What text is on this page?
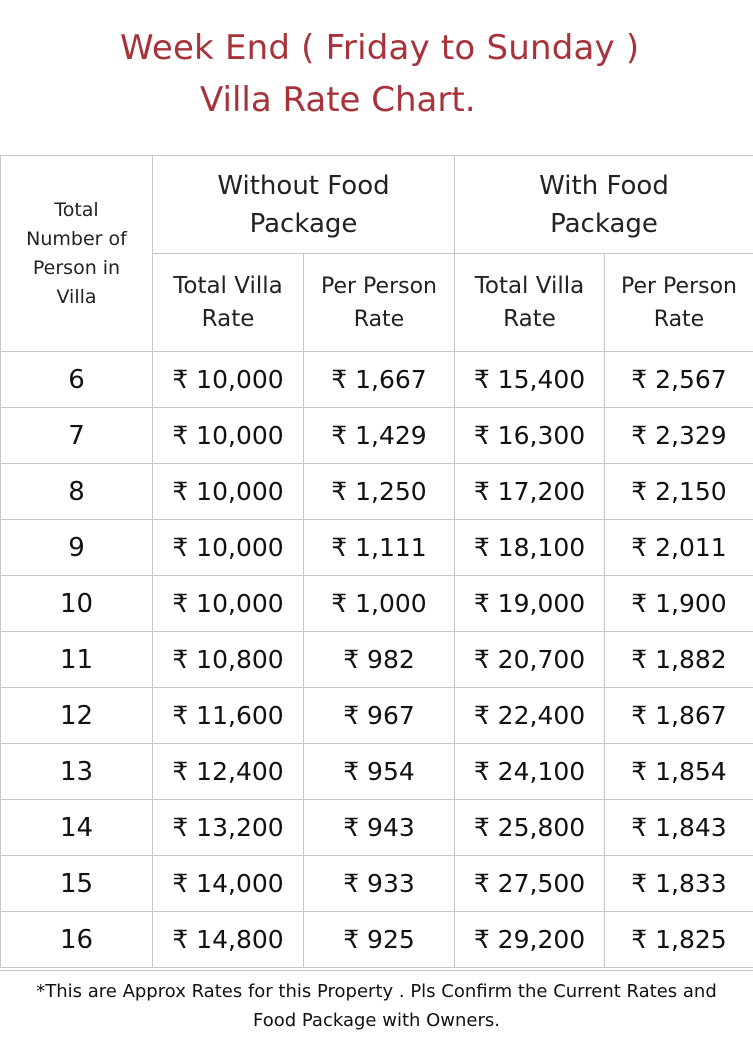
Week End ( Friday to Sunday )
Villa Rate Chart.
Total Number of Person in Villa	Without Food Package		With Food Package	
	Total Villa Rate	Per Person Rate	Total Villa Rate	Per Person Rate
6	₹ 10,000	₹ 1,667	₹ 15,400	₹ 2,567
7	₹ 10,000	₹ 1,429	₹ 16,300	₹ 2,329
8	₹ 10,000	₹ 1,250	₹ 17,200	₹ 2,150
9	₹ 10,000	₹ 1,111	₹ 18,100	₹ 2,011
10	₹ 10,000	₹ 1,000	₹ 19,000	₹ 1,900
11	₹ 10,800	₹ 982	₹ 20,700	₹ 1,882
12	₹ 11,600	₹ 967	₹ 22,400	₹ 1,867
13	₹ 12,400	₹ 954	₹ 24,100	₹ 1,854
14	₹ 13,200	₹ 943	₹ 25,800	₹ 1,843
15	₹ 14,000	₹ 933	₹ 27,500	₹ 1,833
16	₹ 14,800	₹ 925	₹ 29,200	₹ 1,825
*This are Approx Rates for this Property . Pls Confirm the Current Rates and Food Package with Owners.
